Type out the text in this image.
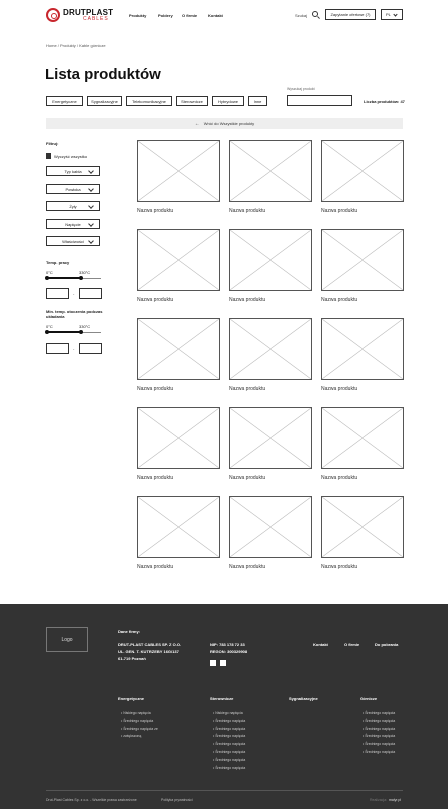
DRUTPLAST
CABLES
Produkty	Poldery O firmie	Kontakt	Szukaj	Zapytanie ofertowe (7)	PL
Home / Produkty / Kable górnicze
Lista produktów
Energetyczne	Sygnalizacyjne	Telekomunikacyjne	Sterownicze	Hybrydowe	Inne
Wyszukaj produkt
Liczba produktów: 47
← Wróć do Wszystkie produkty
Filtruj:
Wyczyść wszystko
Typ kabla
Powłoka
Żyły
Napięcie
Właściwości
Temp. pracy
0°C	330°C
-
Min. temp. otoczenia podczas układania
0°C	330°C
-
Nazwa produktu	Nazwa produktu	Nazwa produktu
Nazwa produktu	Nazwa produktu	Nazwa produktu
Nazwa produktu	Nazwa produktu	Nazwa produktu
Nazwa produktu	Nazwa produktu	Nazwa produktu
Nazwa produktu	Nazwa produktu	Nazwa produktu
Logo
Dane firmy:
DRUT-PLAST CABLES SP. Z O.O.
UL. GEN. T. KUTRZEBY 16G/137
61-719 Poznań
NIP: 783 178 72 33
REGON: 300329908
Kontakt	O firmie	Do pobrania
Energetyczne
• Niskiego napięcia
• Średniego napięcia
• Średniego napięcia ze
• zwiększoną
Sterownicze
• Niskiego napięcia
• Średniego napięcia
• Średniego napięcia
• Średniego napięcia
• Średniego napięcia
• Średniego napięcia
• Średniego napięcia
• Średniego napięcia
Sygnalizacyjne	Górnicze
• Średniego napięcia
• Średniego napięcia
• Średniego napięcia
• Średniego napięcia
• Średniego napięcia
• Średniego napięcia
Drut-Plast Cables Sp. z o.o. - Wszelkie prawa zastrzeżone	Polityka prywatności	Realizacja: malyr.pl
